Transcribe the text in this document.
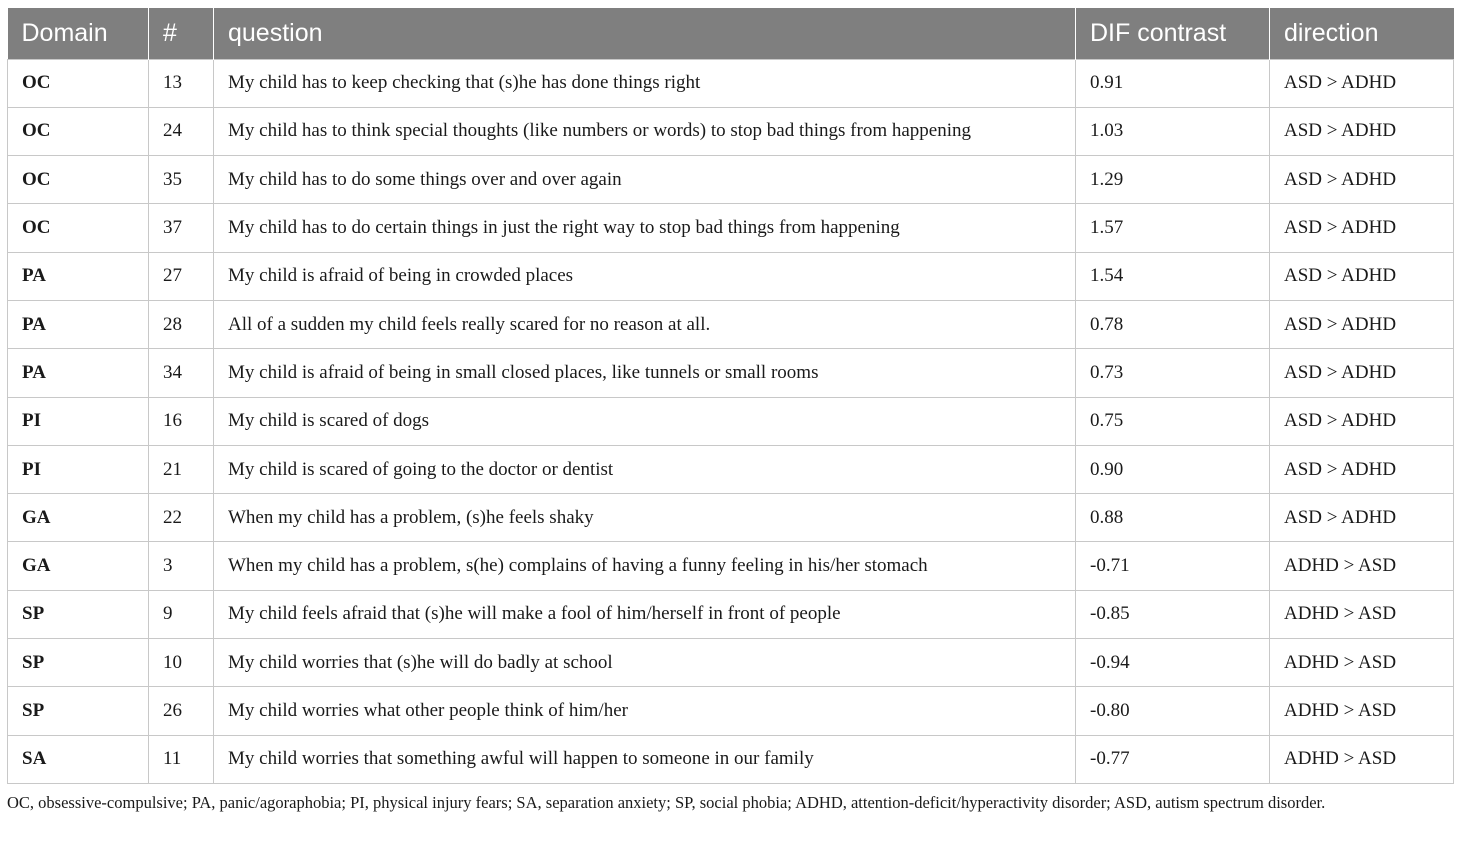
Domain	#	question	DIF contrast	direction
OC	13	My child has to keep checking that (s)he has done things right	0.91	ASD > ADHD
OC	24	My child has to think special thoughts (like numbers or words) to stop bad things from happening	1.03	ASD > ADHD
OC	35	My child has to do some things over and over again	1.29	ASD > ADHD
OC	37	My child has to do certain things in just the right way to stop bad things from happening	1.57	ASD > ADHD
PA	27	My child is afraid of being in crowded places	1.54	ASD > ADHD
PA	28	All of a sudden my child feels really scared for no reason at all.	0.78	ASD > ADHD
PA	34	My child is afraid of being in small closed places, like tunnels or small rooms	0.73	ASD > ADHD
PI	16	My child is scared of dogs	0.75	ASD > ADHD
PI	21	My child is scared of going to the doctor or dentist	0.90	ASD > ADHD
GA	22	When my child has a problem, (s)he feels shaky	0.88	ASD > ADHD
GA	3	When my child has a problem, s(he) complains of having a funny feeling in his/her stomach	-0.71	ADHD > ASD
SP	9	My child feels afraid that (s)he will make a fool of him/herself in front of people	-0.85	ADHD > ASD
SP	10	My child worries that (s)he will do badly at school	-0.94	ADHD > ASD
SP	26	My child worries what other people think of him/her	-0.80	ADHD > ASD
SA	11	My child worries that something awful will happen to someone in our family	-0.77	ADHD > ASD
OC, obsessive-compulsive; PA, panic/agoraphobia; PI, physical injury fears; SA, separation anxiety; SP, social phobia; ADHD, attention-deficit/hyperactivity disorder; ASD, autism spectrum disorder.
